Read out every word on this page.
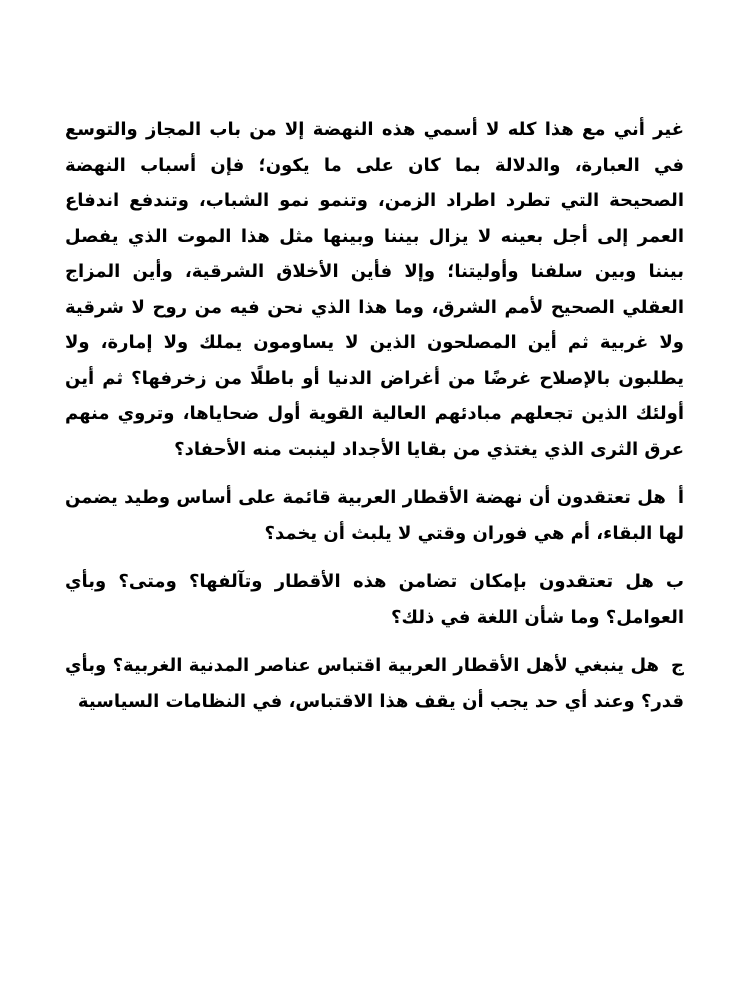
غير أني مع هذا كله لا أسمي هذه النهضة إلا من باب المجاز والتوسع في العبارة، والدلالة بما كان على ما يكون؛ فإن أسباب النهضة الصحيحة التي تطرد اطراد الزمن، وتنمو نمو الشباب، وتندفع اندفاع العمر إلى أجل بعينه لا يزال بيننا وبينها مثل هذا الموت الذي يفصل بيننا وبين سلفنا وأوليتنا؛ وإلا فأين الأخلاق الشرقية، وأين المزاج العقلي الصحيح لأمم الشرق، وما هذا الذي نحن فيه من روح لا شرقية ولا غربية ثم أين المصلحون الذين لا يساومون يملك ولا إمارة، ولا يطلبون بالإصلاح غرضًا من أغراض الدنيا أو باطلًا من زخرفها؟ ثم أين أولئك الذين تجعلهم مبادئهم العالية القوية أول ضحاياها، وتروي منهم عرق الثرى الذي يغتذي من بقايا الأجداد لينبت منه الأحفاد؟

أهل تعتقدون أن نهضة الأقطار العربية قائمة على أساس وطيد يضمن لها البقاء، أم هي فوران وقتي لا يلبث أن يخمد؟

بهل تعتقدون بإمكان تضامن هذه الأقطار وتآلفها؟ ومتى؟ وبأي العوامل؟ وما شأن اللغة في ذلك؟

جهل ينبغي لأهل الأقطار العربية اقتباس عناصر المدنية الغربية؟ وبأي قدر؟ وعند أي حد يجب أن يقف هذا الاقتباس، في النظامات السياسية
